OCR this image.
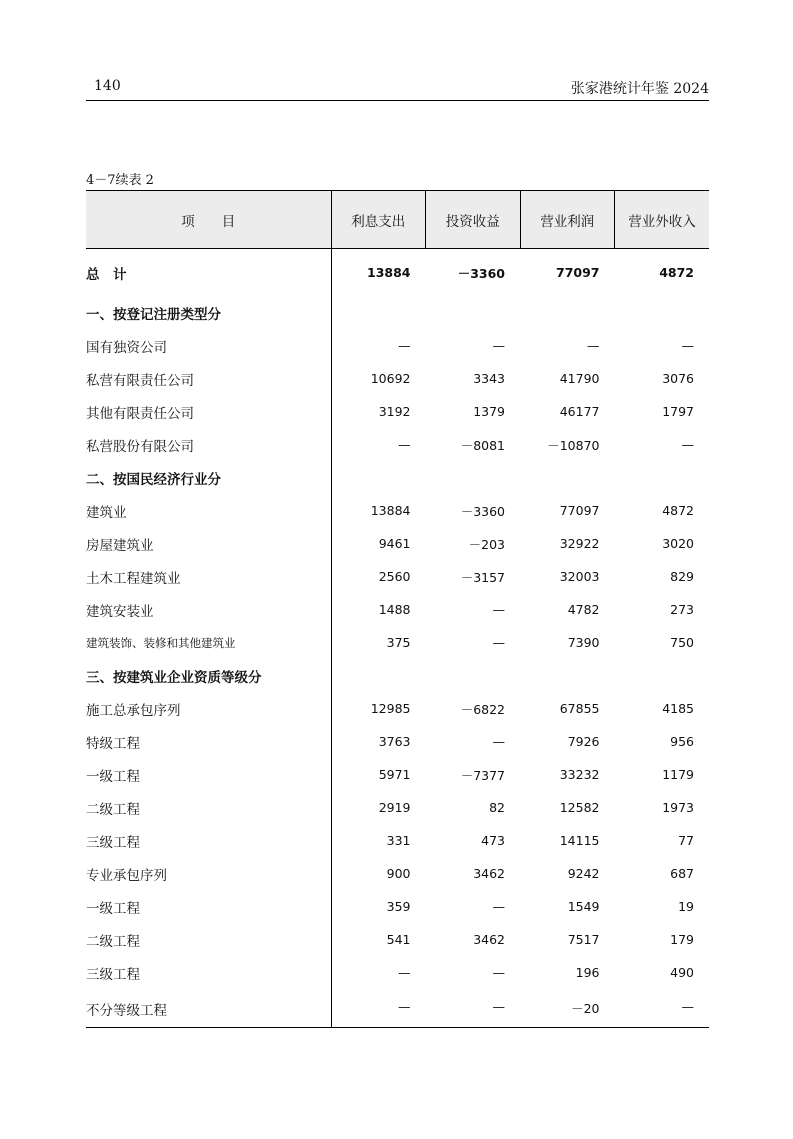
140	张家港统计年鉴 2024
4－7续表 2
项　　目	利息支出	投资收益	营业利润	营业外收入
总　计	13884	－3360	77097	4872
一、按登记注册类型分				
国有独资公司	—	—	—	—
私营有限责任公司	10692	3343	41790	3076
其他有限责任公司	3192	1379	46177	1797
私营股份有限公司	—	－8081	－10870	—
二、按国民经济行业分				
建筑业	13884	－3360	77097	4872
房屋建筑业	9461	－203	32922	3020
土木工程建筑业	2560	－3157	32003	829
建筑安装业	1488	—	4782	273
建筑装饰、装修和其他建筑业	375	—	7390	750
三、按建筑业企业资质等级分				
施工总承包序列	12985	－6822	67855	4185
特级工程	3763	—	7926	956
一级工程	5971	－7377	33232	1179
二级工程	2919	82	12582	1973
三级工程	331	473	14115	77
专业承包序列	900	3462	9242	687
一级工程	359	—	1549	19
二级工程	541	3462	7517	179
三级工程	—	—	196	490
不分等级工程	—	—	－20	—
